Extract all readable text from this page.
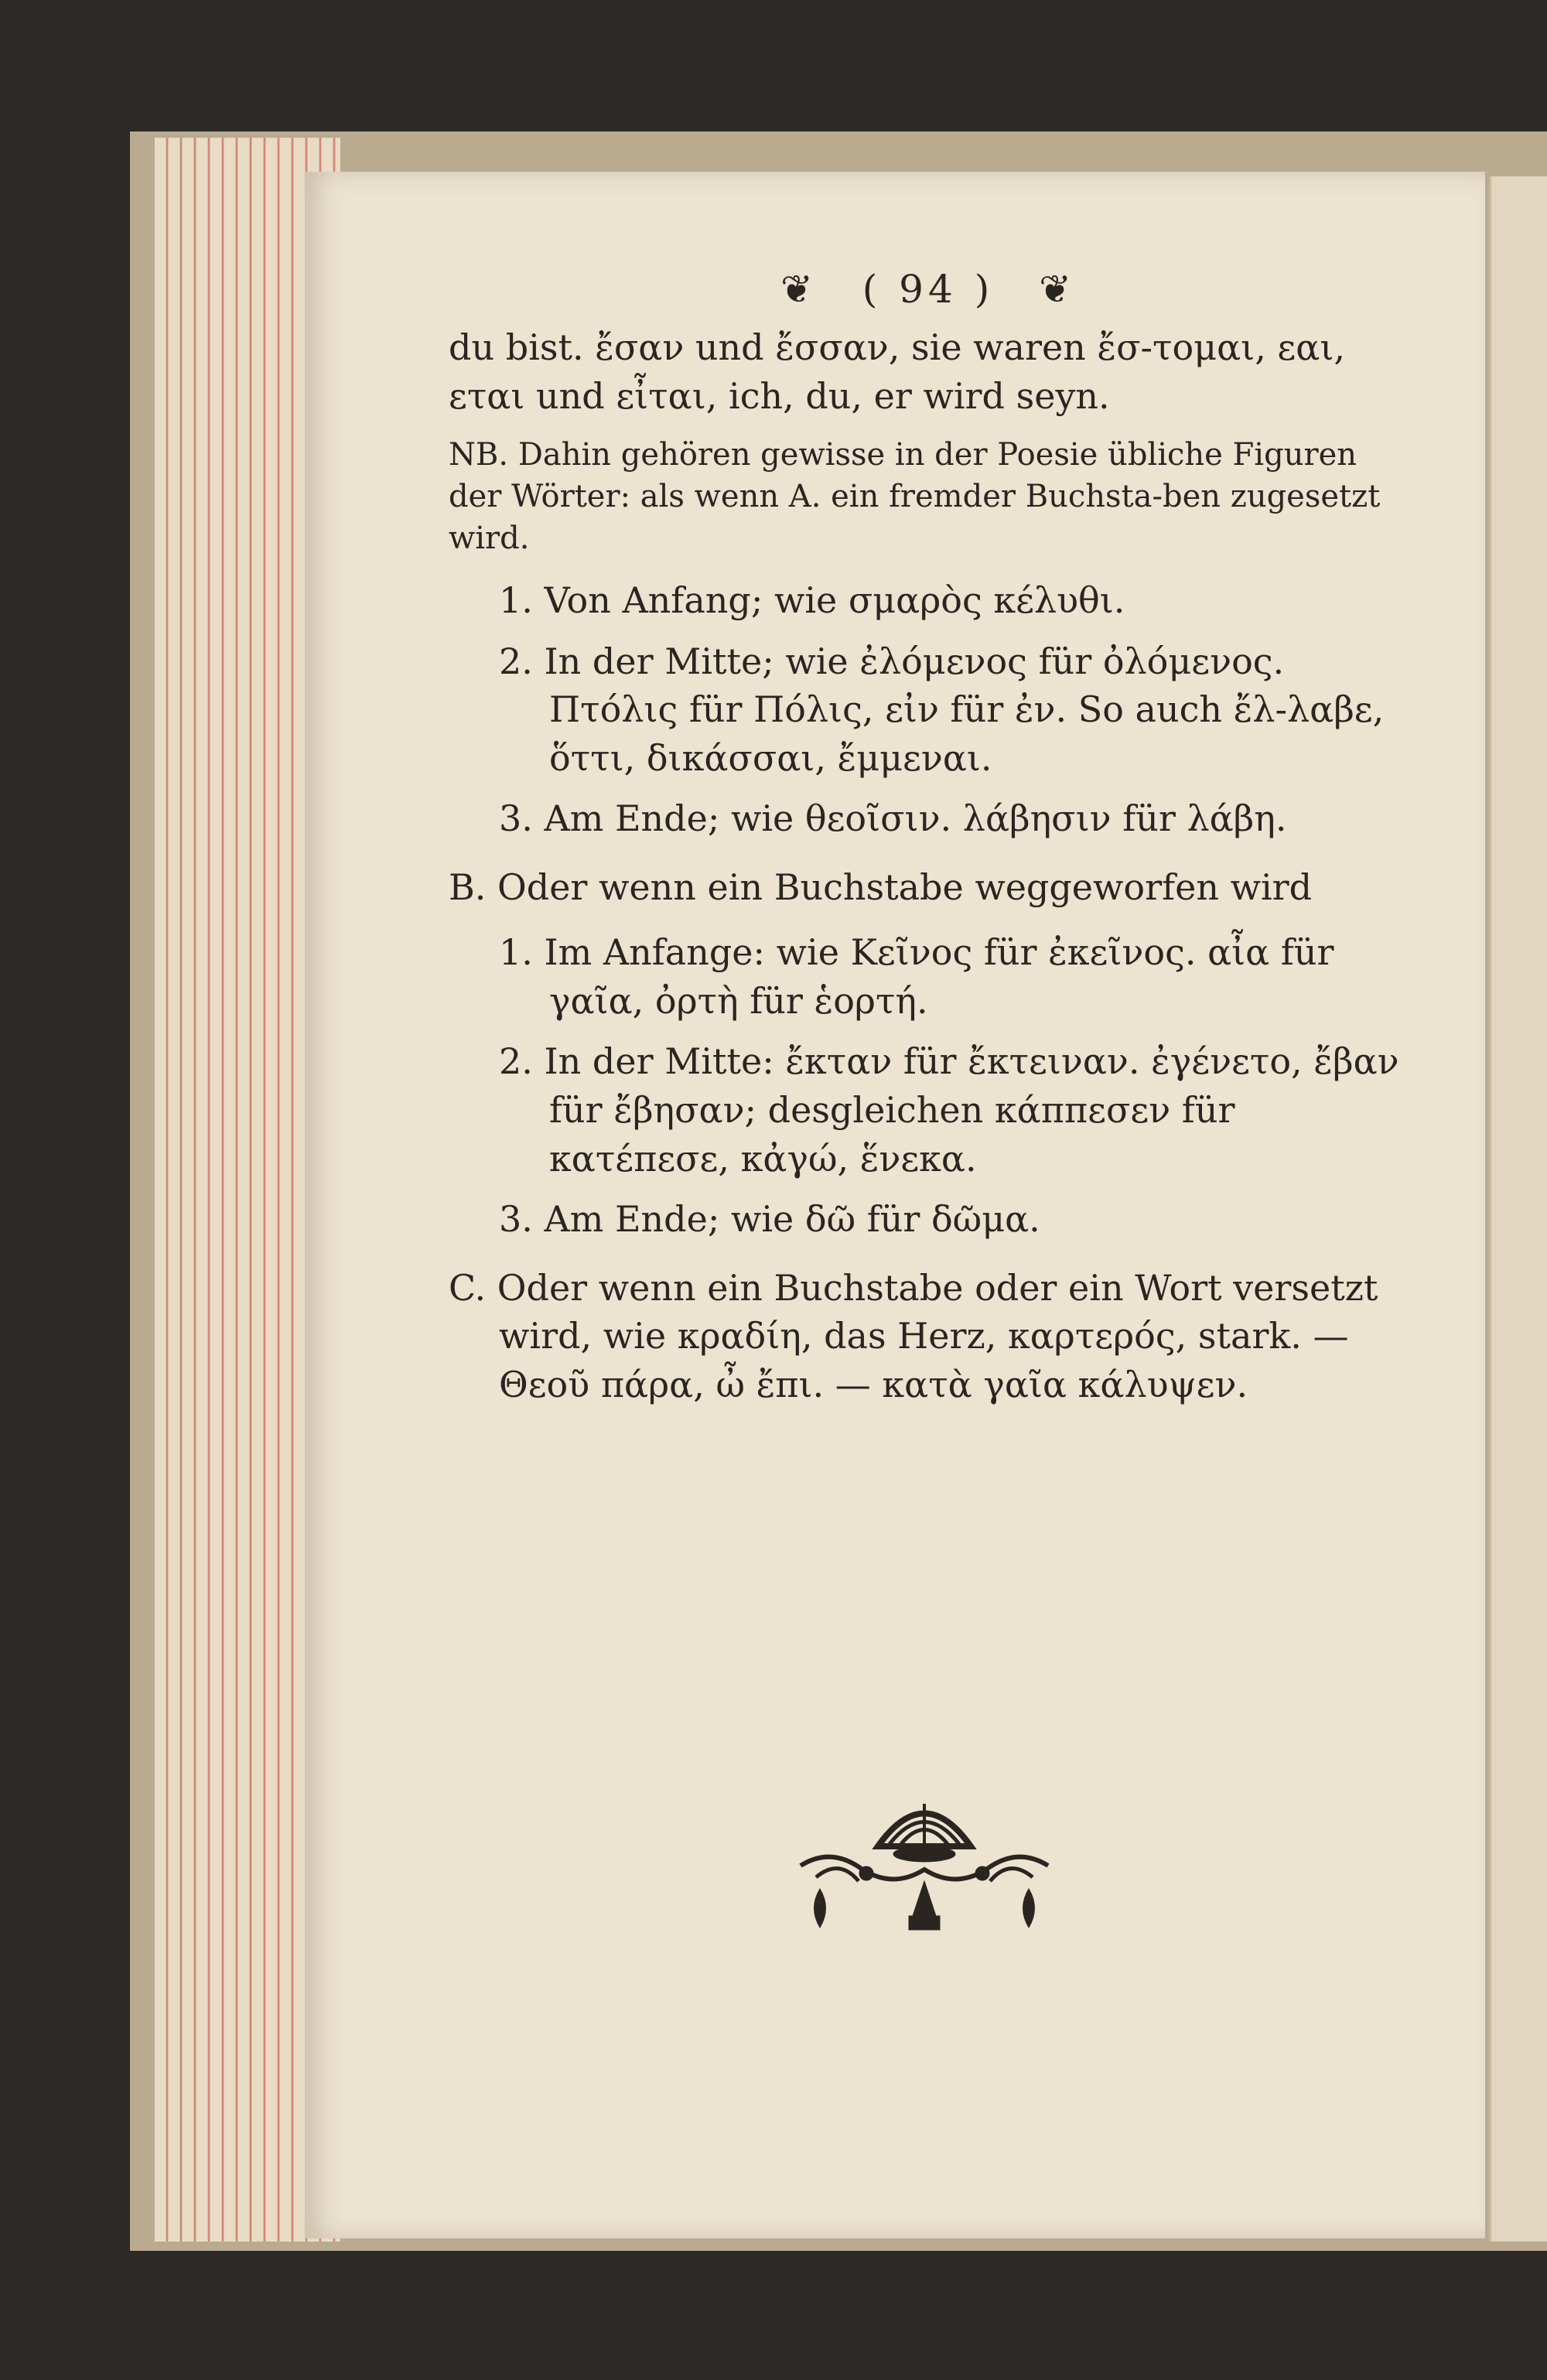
❦ ( 94 ) ❦

du bist. ἔσαν und ἔσσαν, sie waren ἔσ-τομαι, εαι, εται und εἶται, ich, du, er wird seyn.

NB. Dahin gehören gewisse in der Poesie übliche Figuren der Wörter: als wenn A. ein fremder Buchsta-ben zugesetzt wird.

1. Von Anfang; wie σμαρὸς κέλυθι.

2. In der Mitte; wie ἐλόμενος für ὀλόμενος. Πτόλις für Πόλις, εἰν für ἐν. So auch ἔλ-λαβε, ὅττι, δικάσσαι, ἔμμεναι.

3. Am Ende; wie θεοῖσιν. λάβησιν für λάβη.

B. Oder wenn ein Buchstabe weggeworfen wird

1. Im Anfange: wie Κεῖνος für ἐκεῖνος. αἶα für γαῖα, ὀρτὴ für ἑορτή.

2. In der Mitte: ἔκταν für ἔκτειναν. ἐγένετο, ἔβαν für ἔβησαν; desgleichen κάππεσεν für κατέπεσε, κἀγώ, ἕνεκα.

3. Am Ende; wie δῶ für δῶμα.

C. Oder wenn ein Buchstabe oder ein Wort versetzt wird, wie κραδίη, das Herz, καρτερός, stark. — Θεοῦ πάρα, ὦ ἔπι. — κατὰ γαῖα κάλυψεν.
